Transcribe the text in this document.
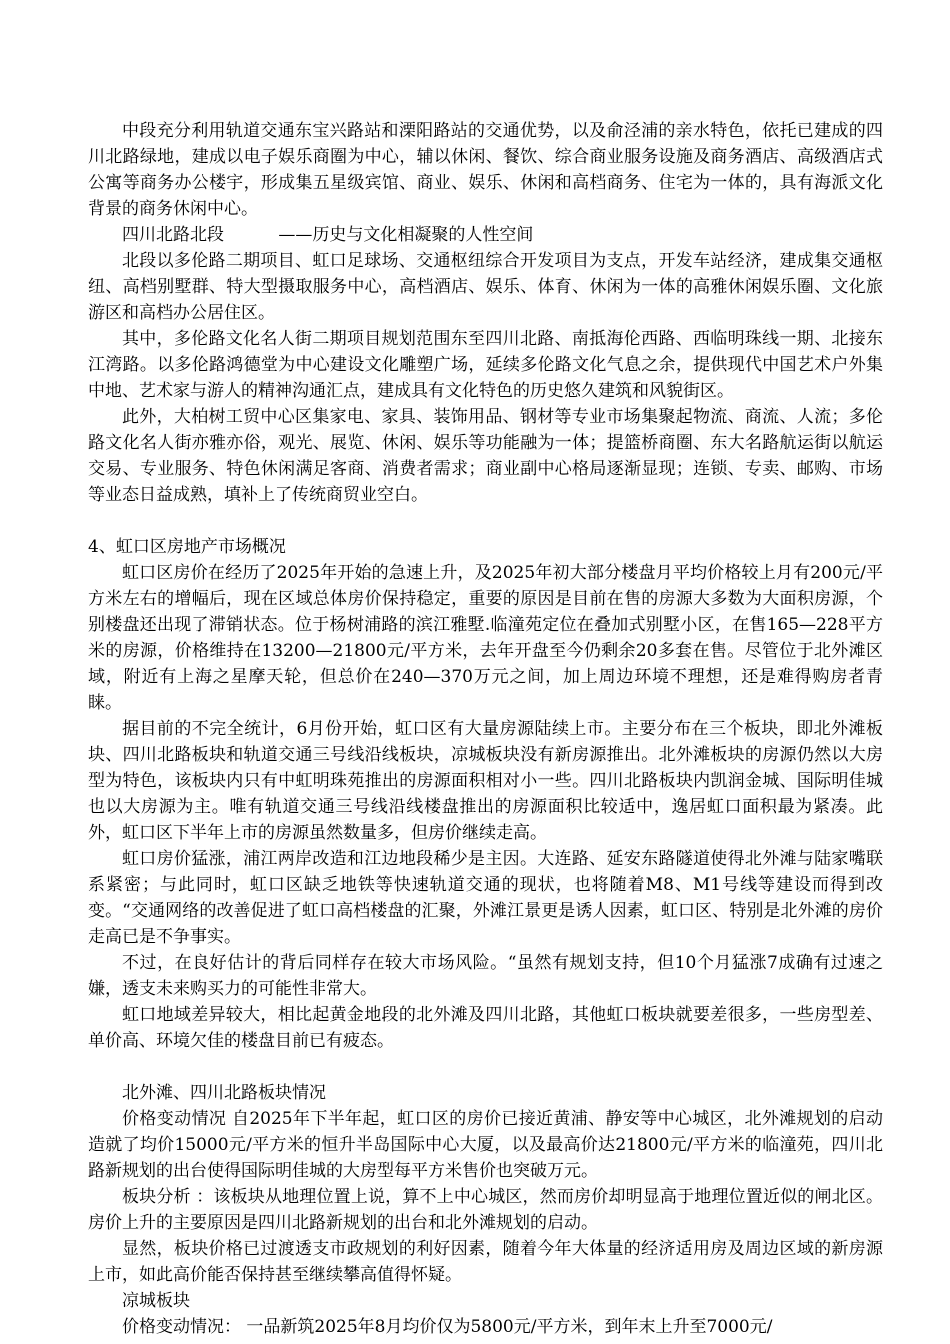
中段充分利用轨道交通东宝兴路站和溧阳路站的交通优势，以及俞泾浦的亲水特色，依托已建成的四川北路绿地，建成以电子娱乐商圈为中心，辅以休闲、餐饮、综合商业服务设施及商务酒店、高级酒店式公寓等商务办公楼宇，形成集五星级宾馆、商业、娱乐、休闲和高档商务、住宅为一体的，具有海派文化背景的商务休闲中心。

四川北路北段	——历史与文化相凝聚的人性空间

北段以多伦路二期项目、虹口足球场、交通枢纽综合开发项目为支点，开发车站经济，建成集交通枢纽、高档别墅群、特大型摄取服务中心，高档酒店、娱乐、体育、休闲为一体的高雅休闲娱乐圈、文化旅游区和高档办公居住区。

其中，多伦路文化名人街二期项目规划范围东至四川北路、南抵海伦西路、西临明珠线一期、北接东江湾路。以多伦路鸿德堂为中心建设文化雕塑广场，延续多伦路文化气息之余，提供现代中国艺术户外集中地、艺术家与游人的精神沟通汇点，建成具有文化特色的历史悠久建筑和风貌街区。

此外，大柏树工贸中心区集家电、家具、装饰用品、钢材等专业市场集聚起物流、商流、人流；多伦路文化名人街亦雅亦俗，观光、展览、休闲、娱乐等功能融为一体；提篮桥商圈、东大名路航运街以航运交易、专业服务、特色休闲满足客商、消费者需求；商业副中心格局逐渐显现；连锁、专卖、邮购、市场等业态日益成熟，填补上了传统商贸业空白。

4、虹口区房地产市场概况

虹口区房价在经历了2025年开始的急速上升，及2025年初大部分楼盘月平均价格较上月有200元/平方米左右的增幅后，现在区域总体房价保持稳定，重要的原因是目前在售的房源大多数为大面积房源，个别楼盘还出现了滞销状态。位于杨树浦路的滨江雅墅.临潼苑定位在叠加式别墅小区，在售165—228平方米的房源，价格维持在13200—21800元/平方米，去年开盘至今仍剩余20多套在售。尽管位于北外滩区域，附近有上海之星摩天轮，但总价在240—370万元之间，加上周边环境不理想，还是难得购房者青睐。

据目前的不完全统计，6月份开始，虹口区有大量房源陆续上市。主要分布在三个板块，即北外滩板块、四川北路板块和轨道交通三号线沿线板块，凉城板块没有新房源推出。北外滩板块的房源仍然以大房型为特色，该板块内只有中虹明珠苑推出的房源面积相对小一些。四川北路板块内凯润金城、国际明佳城也以大房源为主。唯有轨道交通三号线沿线楼盘推出的房源面积比较适中，逸居虹口面积最为紧凑。此外，虹口区下半年上市的房源虽然数量多，但房价继续走高。

虹口房价猛涨，浦江两岸改造和江边地段稀少是主因。大连路、延安东路隧道使得北外滩与陆家嘴联系紧密；与此同时，虹口区缺乏地铁等快速轨道交通的现状，也将随着M8、M1号线等建设而得到改变。“交通网络的改善促进了虹口高档楼盘的汇聚，外滩江景更是诱人因素，虹口区、特别是北外滩的房价走高已是不争事实。

不过，在良好估计的背后同样存在较大市场风险。“虽然有规划支持，但10个月猛涨7成确有过速之嫌，透支未来购买力的可能性非常大。

虹口地域差异较大，相比起黄金地段的北外滩及四川北路，其他虹口板块就要差很多，一些房型差、单价高、环境欠佳的楼盘目前已有疲态。

北外滩、四川北路板块情况

价格变动情况 自2025年下半年起，虹口区的房价已接近黄浦、静安等中心城区，北外滩规划的启动造就了均价15000元/平方米的恒升半岛国际中心大厦，以及最高价达21800元/平方米的临潼苑，四川北路新规划的出台使得国际明佳城的大房型每平方米售价也突破万元。

板块分析 ：该板块从地理位置上说，算不上中心城区，然而房价却明显高于地理位置近似的闸北区。房价上升的主要原因是四川北路新规划的出台和北外滩规划的启动。

显然，板块价格已过渡透支市政规划的利好因素，随着今年大体量的经济适用房及周边区域的新房源上市，如此高价能否保持甚至继续攀高值得怀疑。

凉城板块

价格变动情况： 一品新筑2025年8月均价仅为5800元/平方米，到年末上升至7000元/
